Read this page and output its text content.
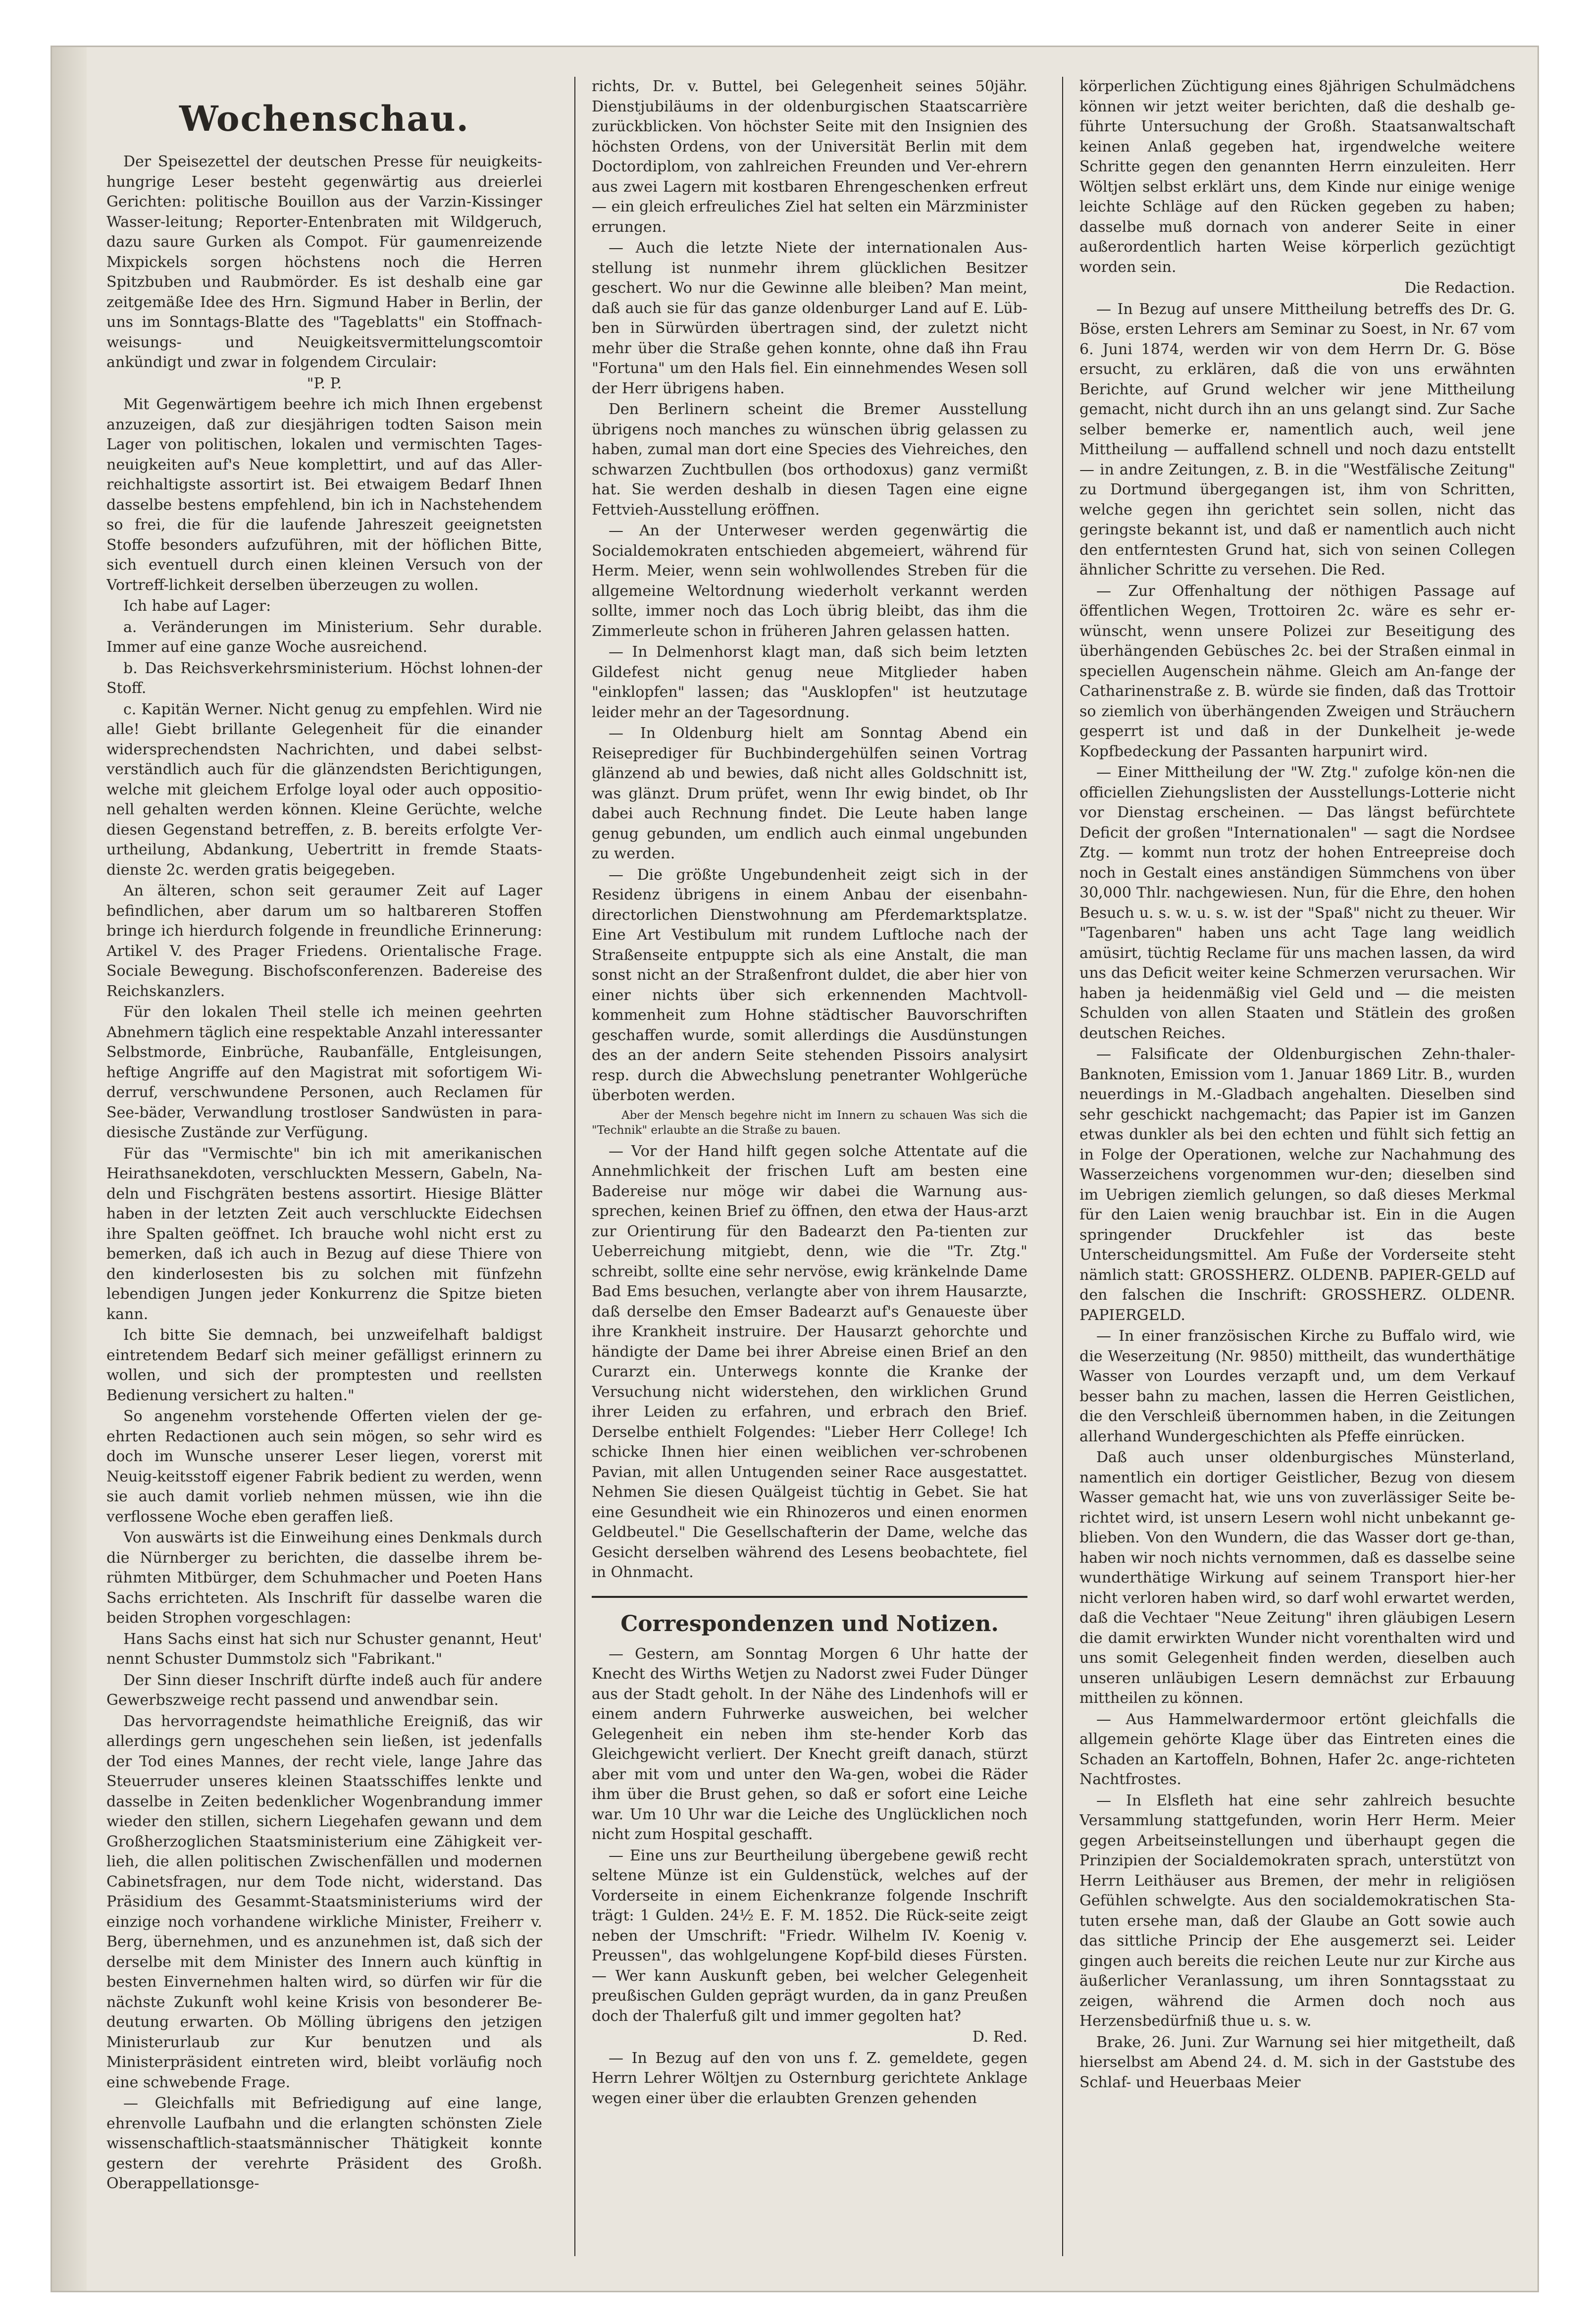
Wochenschau.

Der Speisezettel der deutschen Presse für neuigkeits-hungrige Leser besteht gegenwärtig aus dreierlei Gerichten: politische Bouillon aus der Varzin-Kissinger Wasser-leitung; Reporter-Entenbraten mit Wildgeruch, dazu saure Gurken als Compot. Für gaumenreizende Mixpickels sorgen höchstens noch die Herren Spitzbuben und Raubmörder. Es ist deshalb eine gar zeitgemäße Idee des Hrn. Sigmund Haber in Berlin, der uns im Sonntags-Blatte des "Tageblatts" ein Stoffnach-weisungs- und Neuigkeitsvermittelungscomtoir ankündigt und zwar in folgendem Circulair:

"P. P.

Mit Gegenwärtigem beehre ich mich Ihnen ergebenst anzuzeigen, daß zur diesjährigen todten Saison mein Lager von politischen, lokalen und vermischten Tages-neuigkeiten auf's Neue komplettirt, und auf das Aller-reichhaltigste assortirt ist. Bei etwaigem Bedarf Ihnen dasselbe bestens empfehlend, bin ich in Nachstehendem so frei, die für die laufende Jahreszeit geeignetsten Stoffe besonders aufzuführen, mit der höflichen Bitte, sich eventuell durch einen kleinen Versuch von der Vortreff-lichkeit derselben überzeugen zu wollen.

Ich habe auf Lager:

a. Veränderungen im Ministerium. Sehr durable. Immer auf eine ganze Woche ausreichend.

b. Das Reichsverkehrsministerium. Höchst lohnen-der Stoff.

c. Kapitän Werner. Nicht genug zu empfehlen. Wird nie alle! Giebt brillante Gelegenheit für die einander widersprechendsten Nachrichten, und dabei selbst-verständlich auch für die glänzendsten Berichtigungen, welche mit gleichem Erfolge loyal oder auch oppositio-nell gehalten werden können. Kleine Gerüchte, welche diesen Gegenstand betreffen, z. B. bereits erfolgte Ver-urtheilung, Abdankung, Uebertritt in fremde Staats-dienste 2c. werden gratis beigegeben.

An älteren, schon seit geraumer Zeit auf Lager befindlichen, aber darum um so haltbareren Stoffen bringe ich hierdurch folgende in freundliche Erinnerung: Artikel V. des Prager Friedens. Orientalische Frage. Sociale Bewegung. Bischofsconferenzen. Badereise des Reichskanzlers.

Für den lokalen Theil stelle ich meinen geehrten Abnehmern täglich eine respektable Anzahl interessanter Selbstmorde, Einbrüche, Raubanfälle, Entgleisungen, heftige Angriffe auf den Magistrat mit sofortigem Wi-derruf, verschwundene Personen, auch Reclamen für See-bäder, Verwandlung trostloser Sandwüsten in para-diesische Zustände zur Verfügung.

Für das "Vermischte" bin ich mit amerikanischen Heirathsanekdoten, verschluckten Messern, Gabeln, Na-deln und Fischgräten bestens assortirt. Hiesige Blätter haben in der letzten Zeit auch verschluckte Eidechsen ihre Spalten geöffnet. Ich brauche wohl nicht erst zu bemerken, daß ich auch in Bezug auf diese Thiere von den kinderlosesten bis zu solchen mit fünfzehn lebendigen Jungen jeder Konkurrenz die Spitze bieten kann.

Ich bitte Sie demnach, bei unzweifelhaft baldigst eintretendem Bedarf sich meiner gefälligst erinnern zu wollen, und sich der promptesten und reellsten Bedienung versichert zu halten."

So angenehm vorstehende Offerten vielen der ge-ehrten Redactionen auch sein mögen, so sehr wird es doch im Wunsche unserer Leser liegen, vorerst mit Neuig-keitsstoff eigener Fabrik bedient zu werden, wenn sie auch damit vorlieb nehmen müssen, wie ihn die verflossene Woche eben geraffen ließ.

Von auswärts ist die Einweihung eines Denkmals durch die Nürnberger zu berichten, die dasselbe ihrem be-rühmten Mitbürger, dem Schuhmacher und Poeten Hans Sachs errichteten. Als Inschrift für dasselbe waren die beiden Strophen vorgeschlagen:

Hans Sachs einst hat sich nur Schuster genannt, Heut' nennt Schuster Dummstolz sich "Fabrikant."

Der Sinn dieser Inschrift dürfte indeß auch für andere Gewerbszweige recht passend und anwendbar sein.

Das hervorragendste heimathliche Ereigniß, das wir allerdings gern ungeschehen sein ließen, ist jedenfalls der Tod eines Mannes, der recht viele, lange Jahre das Steuerruder unseres kleinen Staatsschiffes lenkte und dasselbe in Zeiten bedenklicher Wogenbrandung immer wieder den stillen, sichern Liegehafen gewann und dem Großherzoglichen Staatsministerium eine Zähigkeit ver-lieh, die allen politischen Zwischenfällen und modernen Cabinetsfragen, nur dem Tode nicht, widerstand. Das Präsidium des Gesammt-Staatsministeriums wird der einzige noch vorhandene wirkliche Minister, Freiherr v. Berg, übernehmen, und es anzunehmen ist, daß sich der derselbe mit dem Minister des Innern auch künftig in besten Einvernehmen halten wird, so dürfen wir für die nächste Zukunft wohl keine Krisis von besonderer Be-deutung erwarten. Ob Mölling übrigens den jetzigen Ministerurlaub zur Kur benutzen und als Ministerpräsident eintreten wird, bleibt vorläufig noch eine schwebende Frage.

— Gleichfalls mit Befriedigung auf eine lange, ehrenvolle Laufbahn und die erlangten schönsten Ziele wissenschaftlich-staatsmännischer Thätigkeit konnte gestern der verehrte Präsident des Großh. Oberappellationsge-

richts, Dr. v. Buttel, bei Gelegenheit seines 50jähr. Dienstjubiläums in der oldenburgischen Staatscarrière zurückblicken. Von höchster Seite mit den Insignien des höchsten Ordens, von der Universität Berlin mit dem Doctordiplom, von zahlreichen Freunden und Ver-ehrern aus zwei Lagern mit kostbaren Ehrengeschenken erfreut — ein gleich erfreuliches Ziel hat selten ein Märzminister errungen.

— Auch die letzte Niete der internationalen Aus-stellung ist nunmehr ihrem glücklichen Besitzer geschert. Wo nur die Gewinne alle bleiben? Man meint, daß auch sie für das ganze oldenburger Land auf E. Lüb-ben in Sürwürden übertragen sind, der zuletzt nicht mehr über die Straße gehen konnte, ohne daß ihn Frau "Fortuna" um den Hals fiel. Ein einnehmendes Wesen soll der Herr übrigens haben.

Den Berlinern scheint die Bremer Ausstellung übrigens noch manches zu wünschen übrig gelassen zu haben, zumal man dort eine Species des Viehreiches, den schwarzen Zuchtbullen (bos orthodoxus) ganz vermißt hat. Sie werden deshalb in diesen Tagen eine eigne Fettvieh-Ausstellung eröffnen.

— An der Unterweser werden gegenwärtig die Socialdemokraten entschieden abgemeiert, während für Herm. Meier, wenn sein wohlwollendes Streben für die allgemeine Weltordnung wiederholt verkannt werden sollte, immer noch das Loch übrig bleibt, das ihm die Zimmerleute schon in früheren Jahren gelassen hatten.

— In Delmenhorst klagt man, daß sich beim letzten Gildefest nicht genug neue Mitglieder haben "einklopfen" lassen; das "Ausklopfen" ist heutzutage leider mehr an der Tagesordnung.

— In Oldenburg hielt am Sonntag Abend ein Reiseprediger für Buchbindergehülfen seinen Vortrag glänzend ab und bewies, daß nicht alles Goldschnitt ist, was glänzt. Drum prüfet, wenn Ihr ewig bindet, ob Ihr dabei auch Rechnung findet. Die Leute haben lange genug gebunden, um endlich auch einmal ungebunden zu werden.

— Die größte Ungebundenheit zeigt sich in der Residenz übrigens in einem Anbau der eisenbahn-directorlichen Dienstwohnung am Pferdemarktsplatze. Eine Art Vestibulum mit rundem Luftloche nach der Straßenseite entpuppte sich als eine Anstalt, die man sonst nicht an der Straßenfront duldet, die aber hier von einer nichts über sich erkennenden Machtvoll-kommenheit zum Hohne städtischer Bauvorschriften geschaffen wurde, somit allerdings die Ausdünstungen des an der andern Seite stehenden Pissoirs analysirt resp. durch die Abwechslung penetranter Wohlgerüche überboten werden.

Aber der Mensch begehre nicht im Innern zu schauen Was sich die "Technik" erlaubte an die Straße zu bauen.

— Vor der Hand hilft gegen solche Attentate auf die Annehmlichkeit der frischen Luft am besten eine Badereise nur möge wir dabei die Warnung aus-sprechen, keinen Brief zu öffnen, den etwa der Haus-arzt zur Orientirung für den Badearzt den Pa-tienten zur Ueberreichung mitgiebt, denn, wie die "Tr. Ztg." schreibt, sollte eine sehr nervöse, ewig kränkelnde Dame Bad Ems besuchen, verlangte aber von ihrem Hausarzte, daß derselbe den Emser Badearzt auf's Genaueste über ihre Krankheit instruire. Der Hausarzt gehorchte und händigte der Dame bei ihrer Abreise einen Brief an den Curarzt ein. Unterwegs konnte die Kranke der Versuchung nicht widerstehen, den wirklichen Grund ihrer Leiden zu erfahren, und erbrach den Brief. Derselbe enthielt Folgendes: "Lieber Herr College! Ich schicke Ihnen hier einen weiblichen ver-schrobenen Pavian, mit allen Untugenden seiner Race ausgestattet. Nehmen Sie diesen Quälgeist tüchtig in Gebet. Sie hat eine Gesundheit wie ein Rhinozeros und einen enormen Geldbeutel." Die Gesellschafterin der Dame, welche das Gesicht derselben während des Lesens beobachtete, fiel in Ohnmacht.

Correspondenzen und Notizen.

— Gestern, am Sonntag Morgen 6 Uhr hatte der Knecht des Wirths Wetjen zu Nadorst zwei Fuder Dünger aus der Stadt geholt. In der Nähe des Lindenhofs will er einem andern Fuhrwerke ausweichen, bei welcher Gelegenheit ein neben ihm ste-hender Korb das Gleichgewicht verliert. Der Knecht greift danach, stürzt aber mit vom und unter den Wa-gen, wobei die Räder ihm über die Brust gehen, so daß er sofort eine Leiche war. Um 10 Uhr war die Leiche des Unglücklichen noch nicht zum Hospital geschafft.

— Eine uns zur Beurtheilung übergebene gewiß recht seltene Münze ist ein Guldenstück, welches auf der Vorderseite in einem Eichenkranze folgende Inschrift trägt: 1 Gulden. 24½ E. F. M. 1852. Die Rück-seite zeigt neben der Umschrift: "Friedr. Wilhelm IV. Koenig v. Preussen", das wohlgelungene Kopf-bild dieses Fürsten. — Wer kann Auskunft geben, bei welcher Gelegenheit preußischen Gulden geprägt wurden, da in ganz Preußen doch der Thalerfuß gilt und immer gegolten hat?

D. Red.

— In Bezug auf den von uns f. Z. gemeldete, gegen Herrn Lehrer Wöltjen zu Osternburg gerichtete Anklage wegen einer über die erlaubten Grenzen gehenden

körperlichen Züchtigung eines 8jährigen Schulmädchens können wir jetzt weiter berichten, daß die deshalb ge-führte Untersuchung der Großh. Staatsanwaltschaft keinen Anlaß gegeben hat, irgendwelche weitere Schritte gegen den genannten Herrn einzuleiten. Herr Wöltjen selbst erklärt uns, dem Kinde nur einige wenige leichte Schläge auf den Rücken gegeben zu haben; dasselbe muß dornach von anderer Seite in einer außerordentlich harten Weise körperlich gezüchtigt worden sein.

Die Redaction.

— In Bezug auf unsere Mittheilung betreffs des Dr. G. Böse, ersten Lehrers am Seminar zu Soest, in Nr. 67 vom 6. Juni 1874, werden wir von dem Herrn Dr. G. Böse ersucht, zu erklären, daß die von uns erwähnten Berichte, auf Grund welcher wir jene Mittheilung gemacht, nicht durch ihn an uns gelangt sind. Zur Sache selber bemerke er, namentlich auch, weil jene Mittheilung — auffallend schnell und noch dazu entstellt — in andre Zeitungen, z. B. in die "Westfälische Zeitung" zu Dortmund übergegangen ist, ihm von Schritten, welche gegen ihn gerichtet sein sollen, nicht das geringste bekannt ist, und daß er namentlich auch nicht den entferntesten Grund hat, sich von seinen Collegen ähnlicher Schritte zu versehen. Die Red.

— Zur Offenhaltung der nöthigen Passage auf öffentlichen Wegen, Trottoiren 2c. wäre es sehr er-wünscht, wenn unsere Polizei zur Beseitigung des überhängenden Gebüsches 2c. bei der Straßen einmal in speciellen Augenschein nähme. Gleich am An-fange der Catharinenstraße z. B. würde sie finden, daß das Trottoir so ziemlich von überhängenden Zweigen und Sträuchern gesperrt ist und daß in der Dunkelheit je-wede Kopfbedeckung der Passanten harpunirt wird.

— Einer Mittheilung der "W. Ztg." zufolge kön-nen die officiellen Ziehungslisten der Ausstellungs-Lotterie nicht vor Dienstag erscheinen. — Das längst befürchtete Deficit der großen "Internationalen" — sagt die Nordsee Ztg. — kommt nun trotz der hohen Entreepreise doch noch in Gestalt eines anständigen Sümmchens von über 30,000 Thlr. nachgewiesen. Nun, für die Ehre, den hohen Besuch u. s. w. u. s. w. ist der "Spaß" nicht zu theuer. Wir "Tagenbaren" haben uns acht Tage lang weidlich amüsirt, tüchtig Reclame für uns machen lassen, da wird uns das Deficit weiter keine Schmerzen verursachen. Wir haben ja heidenmäßig viel Geld und — die meisten Schulden von allen Staaten und Stätlein des großen deutschen Reiches.

— Falsificate der Oldenburgischen Zehn-thaler-Banknoten, Emission vom 1. Januar 1869 Litr. B., wurden neuerdings in M.-Gladbach angehalten. Dieselben sind sehr geschickt nachgemacht; das Papier ist im Ganzen etwas dunkler als bei den echten und fühlt sich fettig an in Folge der Operationen, welche zur Nachahmung des Wasserzeichens vorgenommen wur-den; dieselben sind im Uebrigen ziemlich gelungen, so daß dieses Merkmal für den Laien wenig brauchbar ist. Ein in die Augen springender Druckfehler ist das beste Unterscheidungsmittel. Am Fuße der Vorderseite steht nämlich statt: GROSSHERZ. OLDENB. PAPIER-GELD auf den falschen die Inschrift: GROSSHERZ. OLDENR. PAPIERGELD.

— In einer französischen Kirche zu Buffalo wird, wie die Weserzeitung (Nr. 9850) mittheilt, das wunderthätige Wasser von Lourdes verzapft und, um dem Verkauf besser bahn zu machen, lassen die Herren Geistlichen, die den Verschleiß übernommen haben, in die Zeitungen allerhand Wundergeschichten als Pfeffe einrücken.

Daß auch unser oldenburgisches Münsterland, namentlich ein dortiger Geistlicher, Bezug von diesem Wasser gemacht hat, wie uns von zuverlässiger Seite be-richtet wird, ist unsern Lesern wohl nicht unbekannt ge-blieben. Von den Wundern, die das Wasser dort ge-than, haben wir noch nichts vernommen, daß es dasselbe seine wunderthätige Wirkung auf seinem Transport hier-her nicht verloren haben wird, so darf wohl erwartet werden, daß die Vechtaer "Neue Zeitung" ihren gläubigen Lesern die damit erwirkten Wunder nicht vorenthalten wird und uns somit Gelegenheit finden werden, dieselben auch unseren unläubigen Lesern demnächst zur Erbauung mittheilen zu können.

— Aus Hammelwardermoor ertönt gleichfalls die allgemein gehörte Klage über das Eintreten eines die Schaden an Kartoffeln, Bohnen, Hafer 2c. ange-richteten Nachtfrostes.

— In Elsfleth hat eine sehr zahlreich besuchte Versammlung stattgefunden, worin Herr Herm. Meier gegen Arbeitseinstellungen und überhaupt gegen die Prinzipien der Socialdemokraten sprach, unterstützt von Herrn Leithäuser aus Bremen, der mehr in religiösen Gefühlen schwelgte. Aus den socialdemokratischen Sta-tuten ersehe man, daß der Glaube an Gott sowie auch das sittliche Princip der Ehe ausgemerzt sei. Leider gingen auch bereits die reichen Leute nur zur Kirche aus äußerlicher Veranlassung, um ihren Sonntagsstaat zu zeigen, während die Armen doch noch aus Herzensbedürfniß thue u. s. w.

Brake, 26. Juni. Zur Warnung sei hier mitgetheilt, daß hierselbst am Abend 24. d. M. sich in der Gaststube des Schlaf- und Heuerbaas Meier
